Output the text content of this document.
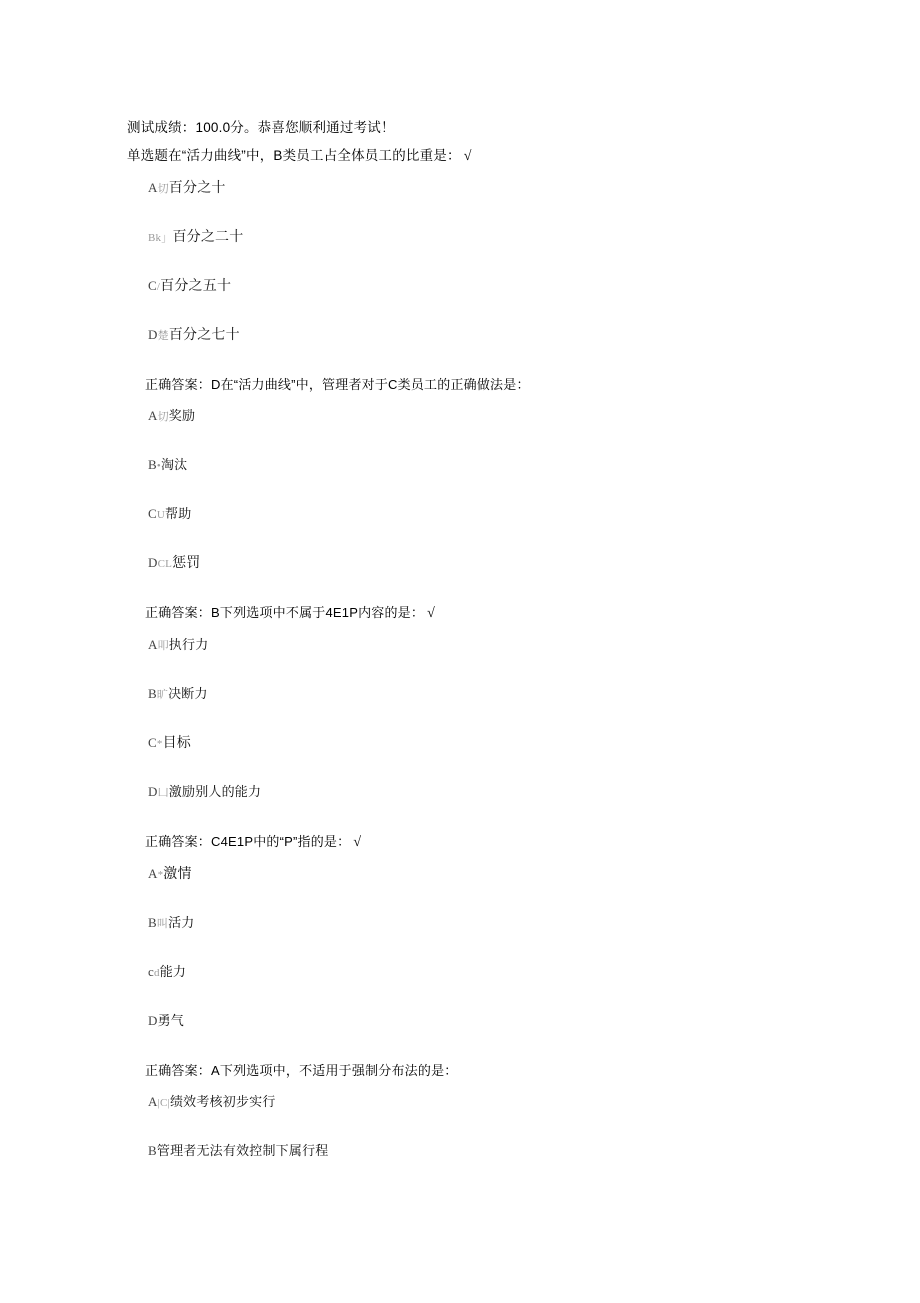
测试成绩：100.0分。恭喜您顺利通过考试！
单选题在“活力曲线”中，B类员工占全体员工的比重是： √
A切百分之十
Bk」百分之二十
C/百分之五十
D楚百分之七十
正确答案：D在“活力曲线”中，管理者对于C类员工的正确做法是：
A切奖励
B•淘汰
CU帮助
DCL惩罚
正确答案：B下列选项中不属于4E1P内容的是： √
A叩执行力
B旷决断力
C*目标
D凵激励别人的能力
正确答案：C4E1P中的“P”指的是： √
A*激情
B叫活力
cd能力
D勇气
正确答案：A下列选项中，不适用于强制分布法的是：
A|C|绩效考核初步实行
B管理者无法有效控制下属行程
